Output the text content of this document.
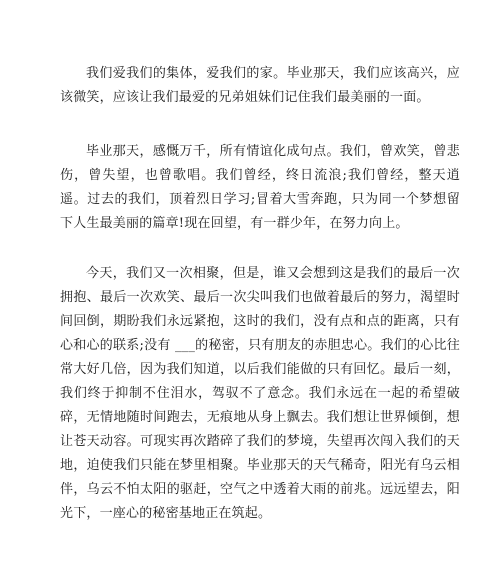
我们爱我们的集体，爱我们的家。毕业那天，我们应该高兴，应该微笑，应该让我们最爱的兄弟姐妹们记住我们最美丽的一面。

毕业那天，感慨万千，所有情谊化成句点。我们，曾欢笑，曾悲伤，曾失望，也曾歌唱。我们曾经，终日流浪;我们曾经，整天逍遥。过去的我们，顶着烈日学习;冒着大雪奔跑，只为同一个梦想留下人生最美丽的篇章!现在回望，有一群少年，在努力向上。

今天，我们又一次相聚，但是，谁又会想到这是我们的最后一次拥抱、最后一次欢笑、最后一次尖叫我们也做着最后的努力，渴望时间回倒，期盼我们永远紧抱，这时的我们，没有点和点的距离，只有心和心的联系;没有 ___的秘密，只有朋友的赤胆忠心。我们的心比往常大好几倍，因为我们知道，以后我们能做的只有回忆。最后一刻，我们终于抑制不住泪水，驾驭不了意念。我们永远在一起的希望破碎，无情地随时间跑去，无痕地从身上飘去。我们想让世界倾倒，想让苍天动容。可现实再次踏碎了我们的梦境，失望再次闯入我们的天地，迫使我们只能在梦里相聚。毕业那天的天气稀奇，阳光有乌云相伴，乌云不怕太阳的驱赶，空气之中透着大雨的前兆。远远望去，阳光下，一座心的秘密基地正在筑起。
